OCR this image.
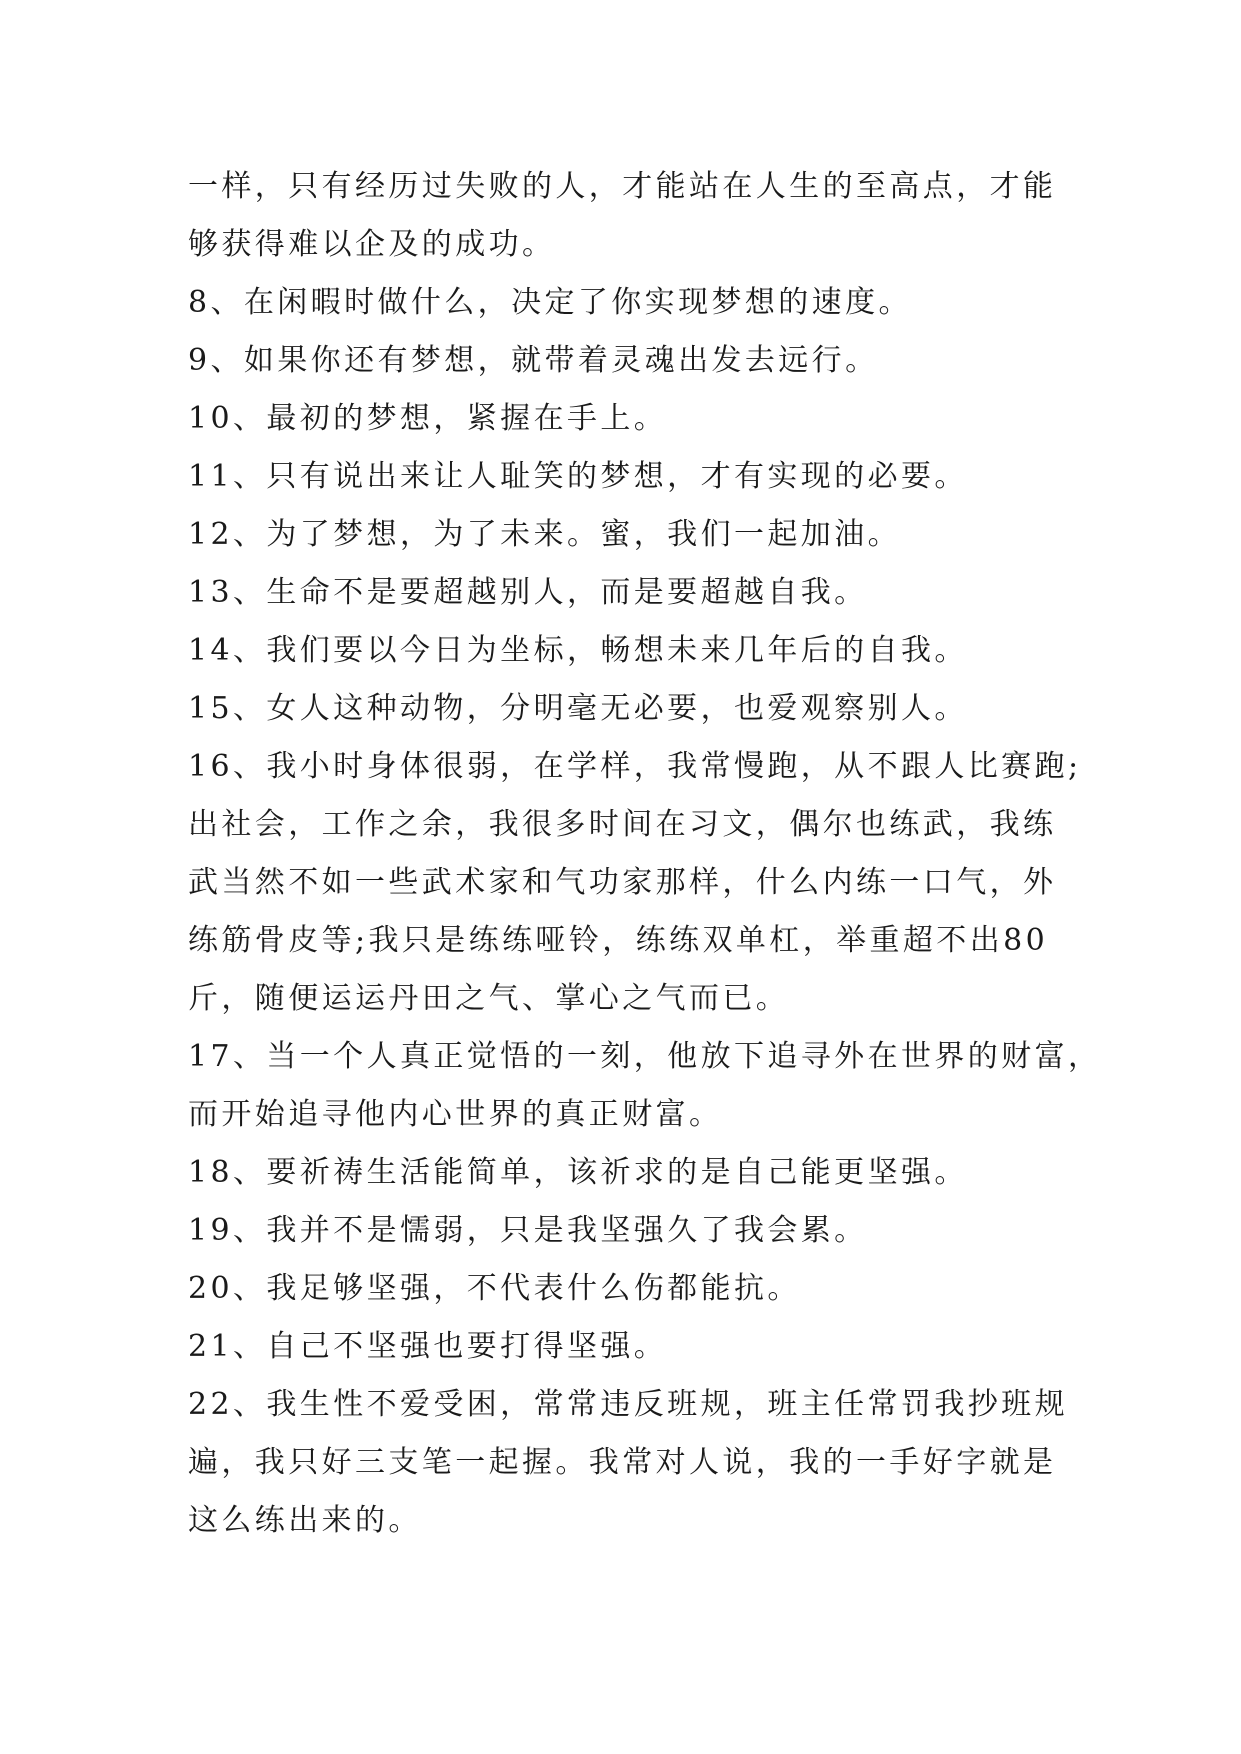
一样，只有经历过失败的人，才能站在人生的至高点，才能

够获得难以企及的成功。

8、在闲暇时做什么，决定了你实现梦想的速度。

9、如果你还有梦想，就带着灵魂出发去远行。

10、最初的梦想，紧握在手上。

11、只有说出来让人耻笑的梦想，才有实现的必要。

12、为了梦想，为了未来。蜜，我们一起加油。

13、生命不是要超越别人，而是要超越自我。

14、我们要以今日为坐标，畅想未来几年后的自我。

15、女人这种动物，分明毫无必要，也爱观察别人。

16、我小时身体很弱，在学样，我常慢跑，从不跟人比赛跑;

出社会，工作之余，我很多时间在习文，偶尔也练武，我练

武当然不如一些武术家和气功家那样，什么内练一口气，外

练筋骨皮等;我只是练练哑铃，练练双单杠，举重超不出80

斤，随便运运丹田之气、掌心之气而已。

17、当一个人真正觉悟的一刻，他放下追寻外在世界的财富，

而开始追寻他内心世界的真正财富。

18、要祈祷生活能简单，该祈求的是自己能更坚强。

19、我并不是懦弱，只是我坚强久了我会累。

20、我足够坚强，不代表什么伤都能抗。

21、自己不坚强也要打得坚强。

22、我生性不爱受困，常常违反班规，班主任常罚我抄班规

遍，我只好三支笔一起握。我常对人说，我的一手好字就是

这么练出来的。
